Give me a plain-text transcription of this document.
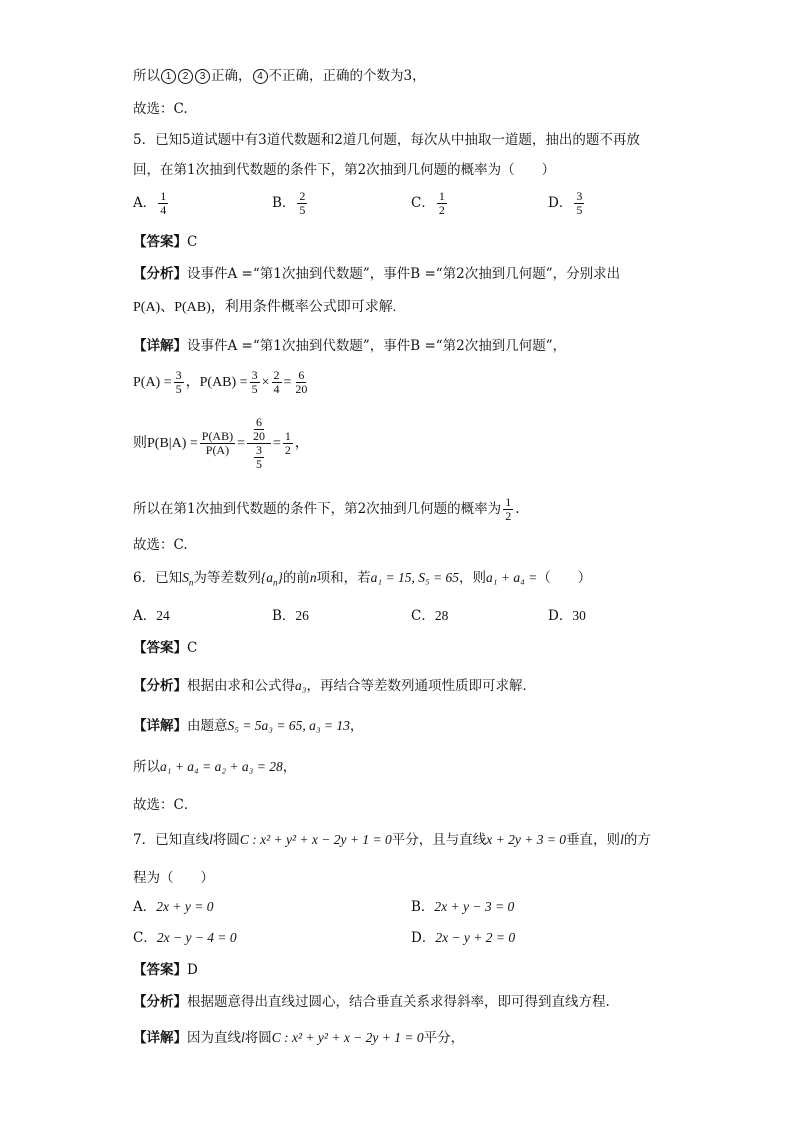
所以 1 2 3 正确， 4 不正确，正确的个数为3，
故选：C.
5．已知5道试题中有3道代数题和2道几何题，每次从中抽取一道题，抽出的题不再放
回，在第1次抽到代数题的条件下，第2次抽到几何题的概率为（　　）
A． $\frac{1}{4}$	B． $\frac{2}{5}$	C． $\frac{1}{2}$	D． $\frac{3}{5}$
【答案】C
【分析】设事件A =“第1次抽到代数题”，事件B =“第2次抽到几何题”，分别求出
P(A)、P(AB)，利用条件概率公式即可求解.
【详解】设事件A =“第1次抽到代数题”，事件B =“第2次抽到几何题”，
$P(A) = \frac{3}{5}$ ，$P(AB) = \frac{3}{5} \times \frac{2}{4} = \frac{6}{20}$
则$P(B|A) = \frac{P(AB)}{P(A)} = \frac{\frac{6}{20}}{\frac{3}{5}} = \frac{1}{2}$ ，
所以在第1次抽到代数题的条件下，第2次抽到几何题的概率为 $\frac{1}{2}$ .
故选：C.
6．已知$S_n$为等差数列$\{a_n\}$的前n项和，若a₁ = 15, S₅ = 65，则a₁ + a₄ =（　　）
A．24	B．26	C．28	D．30
【答案】C
【分析】根据由求和公式得a₃，再结合等差数列通项性质即可求解．
【详解】由题意S₅ = 5a₃ = 65, a₃ = 13，
所以a₁ + a₄ = a₂ + a₃ = 28，
故选：C．
7．已知直线l将圆C : x² + y² + x − 2y + 1 = 0平分，且与直线x + 2y + 3 = 0垂直，则l的方
程为（　　）
A．2x + y = 0	B．2x + y − 3 = 0
C．2x − y − 4 = 0	D．2x − y + 2 = 0
【答案】D
【分析】根据题意得出直线过圆心，结合垂直关系求得斜率，即可得到直线方程.
【详解】因为直线l将圆C : x² + y² + x − 2y + 1 = 0平分，
